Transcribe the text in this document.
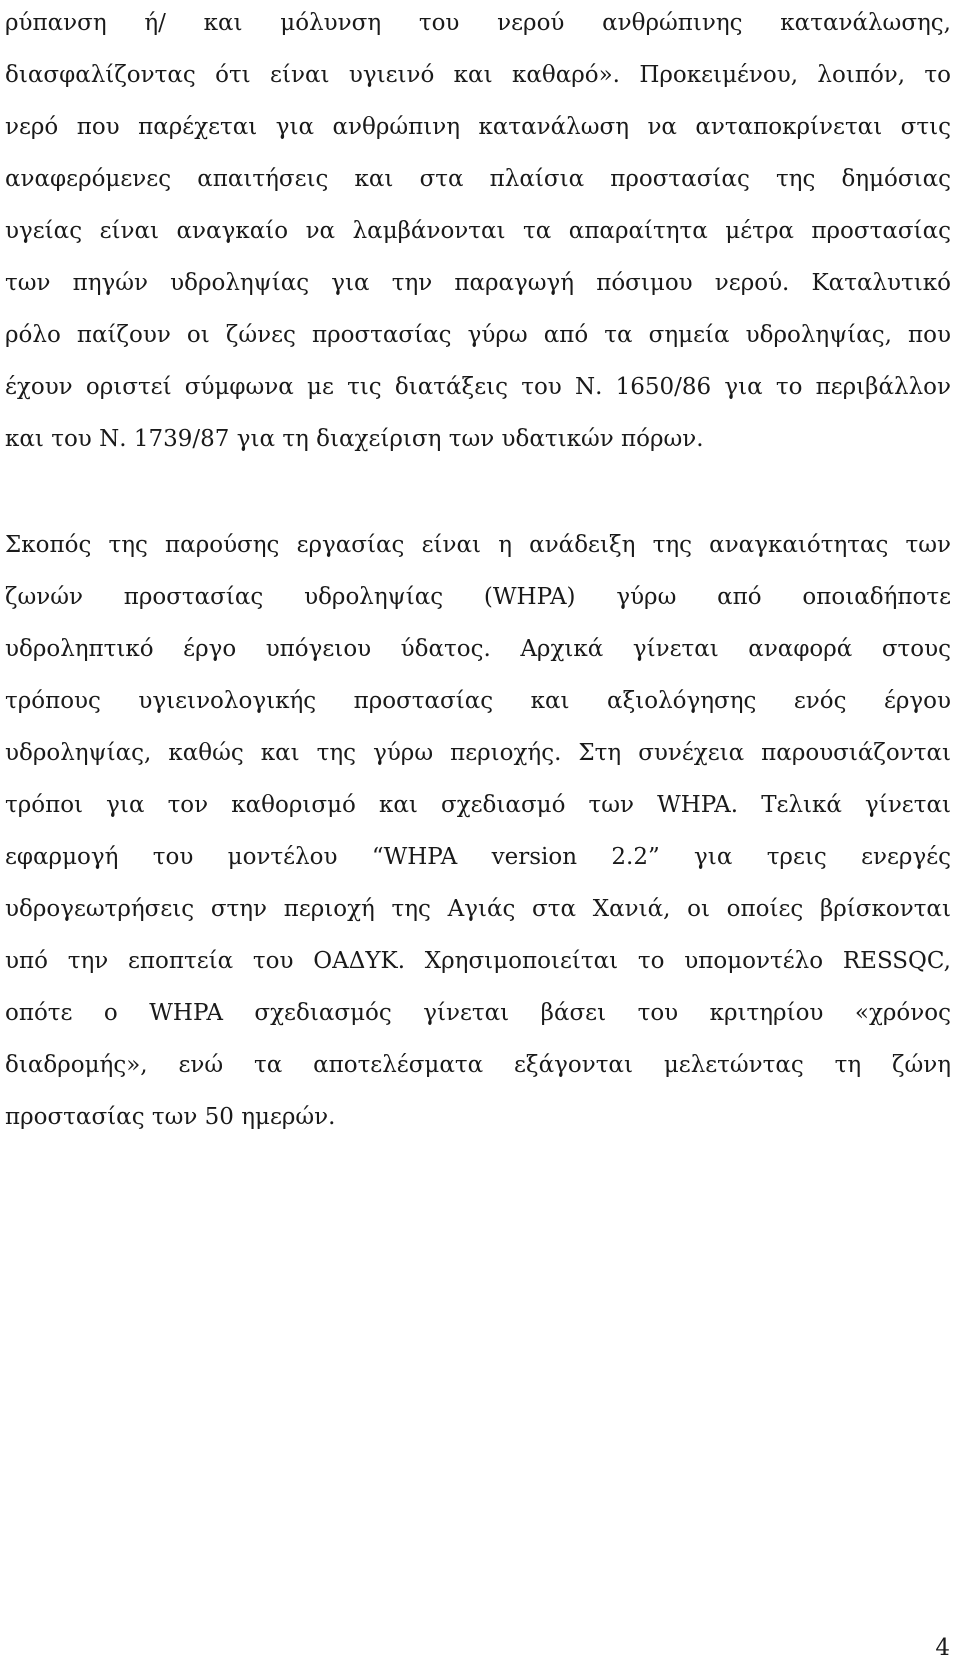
ρύπανση ή/ και μόλυνση του νερού ανθρώπινης κατανάλωσης,
διασφαλίζοντας ότι είναι υγιεινό και καθαρό». Προκειμένου, λοιπόν, το
νερό που παρέχεται για ανθρώπινη κατανάλωση να ανταποκρίνεται στις
αναφερόμενες απαιτήσεις και στα πλαίσια προστασίας της δημόσιας
υγείας είναι αναγκαίο να λαμβάνονται τα απαραίτητα μέτρα προστασίας
των πηγών υδροληψίας για την παραγωγή πόσιμου νερού. Καταλυτικό
ρόλο παίζουν οι ζώνες προστασίας γύρω από τα σημεία υδροληψίας, που
έχουν οριστεί σύμφωνα με τις διατάξεις του Ν. 1650/86 για το περιβάλλον
και του Ν. 1739/87 για τη διαχείριση των υδατικών πόρων.
Σκοπός της παρούσης εργασίας είναι η ανάδειξη της αναγκαιότητας των
ζωνών προστασίας υδροληψίας (WHPA) γύρω από οποιαδήποτε
υδροληπτικό έργο υπόγειου ύδατος. Αρχικά γίνεται αναφορά στους
τρόπους υγιεινολογικής προστασίας και αξιολόγησης ενός έργου
υδροληψίας, καθώς και της γύρω περιοχής. Στη συνέχεια παρουσιάζονται
τρόποι για τον καθορισμό και σχεδιασμό των WHPA. Τελικά γίνεται
εφαρμογή του μοντέλου “WHPA version 2.2” για τρεις ενεργές
υδρογεωτρήσεις στην περιοχή της Αγιάς στα Χανιά, οι οποίες βρίσκονται
υπό την εποπτεία του ΟΑΔΥΚ. Χρησιμοποιείται το υπομοντέλο RESSQC,
οπότε ο WHPA σχεδιασμός γίνεται βάσει του κριτηρίου «χρόνος
διαδρομής», ενώ τα αποτελέσματα εξάγονται μελετώντας τη ζώνη
προστασίας των 50 ημερών.
4
